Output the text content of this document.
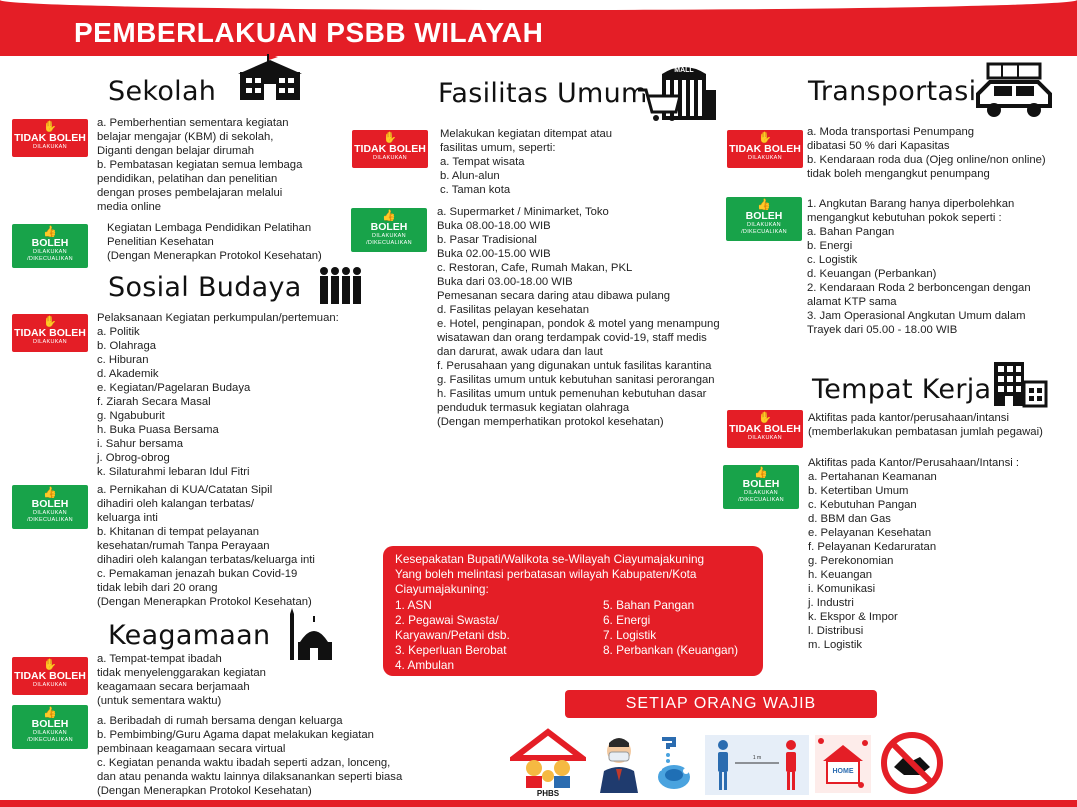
PEMBERLAKUAN PSBB WILAYAH
Sekolah
✋
TIDAK BOLEH
DILAKUKAN
a. Pemberhentian sementara kegiatan
belajar mengajar (KBM) di sekolah,
Diganti dengan belajar dirumah
b. Pembatasan kegiatan semua lembaga
pendidikan, pelatihan dan penelitian
dengan proses pembelajaran melalui
media online
👍
BOLEH
DILAKUKAN
/DIKECUALIKAN
Kegiatan Lembaga Pendidikan Pelatihan
Penelitian Kesehatan
(Dengan Menerapkan Protokol Kesehatan)
Sosial Budaya
✋
TIDAK BOLEH
DILAKUKAN
Pelaksanaan Kegiatan perkumpulan/pertemuan:
a. Politik
b. Olahraga
c. Hiburan
d. Akademik
e. Kegiatan/Pagelaran Budaya
f. Ziarah Secara Masal
g. Ngabuburit
h. Buka Puasa Bersama
i. Sahur bersama
j. Obrog-obrog
k. Silaturahmi lebaran Idul Fitri
👍
BOLEH
DILAKUKAN
/DIKECUALIKAN
a. Pernikahan di KUA/Catatan Sipil
dihadiri oleh kalangan terbatas/
keluarga inti
b. Khitanan di tempat pelayanan
kesehatan/rumah Tanpa Perayaan
dihadiri oleh kalangan terbatas/keluarga inti
c. Pemakaman jenazah bukan Covid-19
tidak lebih dari 20 orang
(Dengan Menerapkan Protokol Kesehatan)
Keagamaan
✋
TIDAK BOLEH
DILAKUKAN
a. Tempat-tempat ibadah
tidak menyelenggarakan kegiatan
keagamaan secara berjamaah
(untuk sementara waktu)
👍
BOLEH
DILAKUKAN
/DIKECUALIKAN
a. Beribadah di rumah bersama dengan keluarga
b. Pembimbing/Guru Agama dapat melakukan kegiatan
pembinaan keagamaan secara virtual
c. Kegiatan penanda waktu ibadah seperti adzan, lonceng,
dan atau penanda waktu lainnya dilaksanankan seperti biasa
(Dengan Menerapkan Protokol Kesehatan)
Fasilitas Umum
MALL
✋
TIDAK BOLEH
DILAKUKAN
Melakukan kegiatan ditempat atau
fasilitas umum, seperti:
a. Tempat wisata
b. Alun-alun
c. Taman kota
👍
BOLEH
DILAKUKAN
/DIKECUALIKAN
a. Supermarket / Minimarket, Toko
Buka 08.00-18.00 WIB
b. Pasar Tradisional
Buka 02.00-15.00 WIB
c. Restoran, Cafe, Rumah Makan, PKL
Buka dari 03.00-18.00 WIB
Pemesanan secara daring atau dibawa pulang
d. Fasilitas pelayan kesehatan
e. Hotel, penginapan, pondok & motel yang menampung
wisatawan dan orang terdampak covid-19, staff medis
dan darurat, awak udara dan laut
f. Perusahaan yang digunakan untuk fasilitas karantina
g. Fasilitas umum untuk kebutuhan sanitasi perorangan
h. Fasilitas umum untuk pemenuhan kebutuhan dasar
penduduk termasuk kegiatan olahraga
(Dengan memperhatikan protokol kesehatan)
Kesepakatan Bupati/Walikota se-Wilayah Ciayumajakuning
Yang boleh melintasi perbatasan wilayah Kabupaten/Kota
Ciayumajakuning:
1. ASN
2. Pegawai Swasta/
Karyawan/Petani dsb.
3. Keperluan Berobat
4. Ambulan
5. Bahan Pangan
6. Energi
7. Logistik
8. Perbankan (Keuangan)
Transportasi
✋
TIDAK BOLEH
DILAKUKAN
a. Moda transportasi Penumpang
dibatasi 50 % dari Kapasitas
b. Kendaraan roda dua (Ojeg online/non online)
tidak boleh mengangkut penumpang
👍
BOLEH
DILAKUKAN
/DIKECUALIKAN
1. Angkutan Barang hanya diperbolehkan
mengangkut kebutuhan pokok seperti :
a. Bahan Pangan
b. Energi
c. Logistik
d. Keuangan (Perbankan)
2. Kendaraan Roda 2 berboncengan dengan
alamat KTP sama
3. Jam Operasional Angkutan Umum dalam
Trayek dari 05.00 - 18.00 WIB
Tempat Kerja
✋
TIDAK BOLEH
DILAKUKAN
Aktifitas pada kantor/perusahaan/intansi
(memberlakukan pembatasan jumlah pegawai)
👍
BOLEH
DILAKUKAN
/DIKECUALIKAN
Aktifitas pada Kantor/Perusahaan/Intansi :
a. Pertahanan Keamanan
b. Ketertiban Umum
c. Kebutuhan Pangan
d. BBM dan Gas
e. Pelayanan Kesehatan
f. Pelayanan Kedaruratan
g. Perekonomian
h. Keuangan
i. Komunikasi
j. Industri
k. Ekspor & Impor
l. Distribusi
m. Logistik
SETIAP ORANG WAJIB
PHBS
1 m
HOME
